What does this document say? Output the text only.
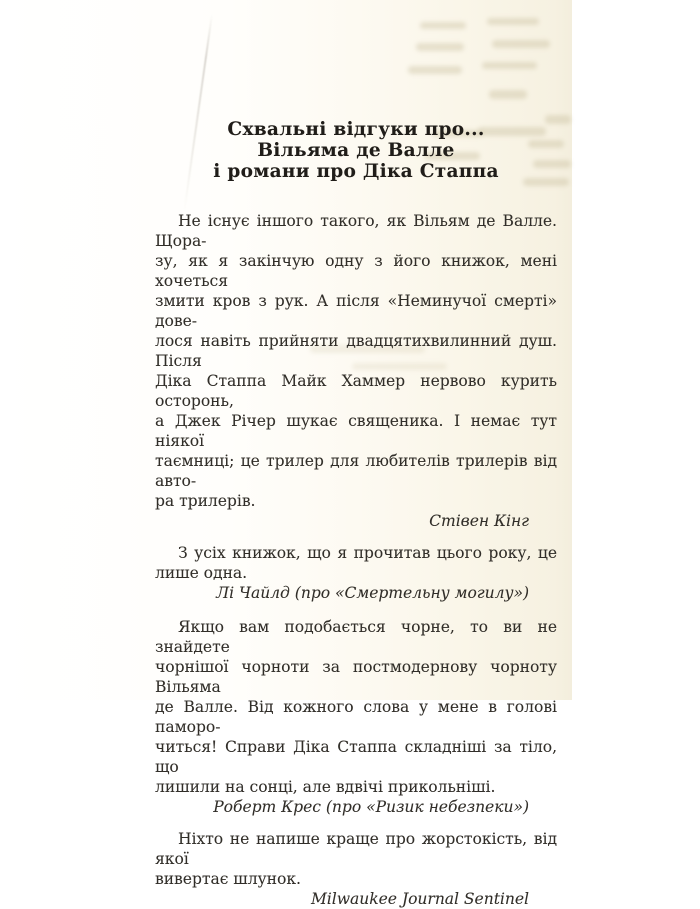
Схвальні відгуки про...
Вільяма де Валле
і романи про Діка Стаппа
Не існує іншого такого, як Вільям де Валле. Щора-
зу, як я закінчую одну з його книжок, мені хочеться
змити кров з рук. А після «Неминучої смерті» дове-
лося навіть прийняти двадцятихвилинний душ. Після
Діка Стаппа Майк Хаммер нервово курить осторонь,
а Джек Річер шукає священика. І немає тут ніякої
таємниці; це трилер для любителів трилерів від авто-
ра трилерів.
Стівен Кінг
З усіх книжок, що я прочитав цього року, це
лише одна.
Лі Чайлд (про «Смертельну могилу»)
Якщо вам подобається чорне, то ви не знайдете
чорнішої чорноти за постмодернову чорноту Вільяма
де Валле. Від кожного слова у мене в голові паморо-
читься! Справи Діка Стаппа складніші за тіло, що
лишили на сонці, але вдвічі прикольніші.
Роберт Крес (про «Ризик небезпеки»)
Ніхто не напише краще про жорстокість, від якої
вивертає шлунок.
Milwaukee Journal Sentinel
